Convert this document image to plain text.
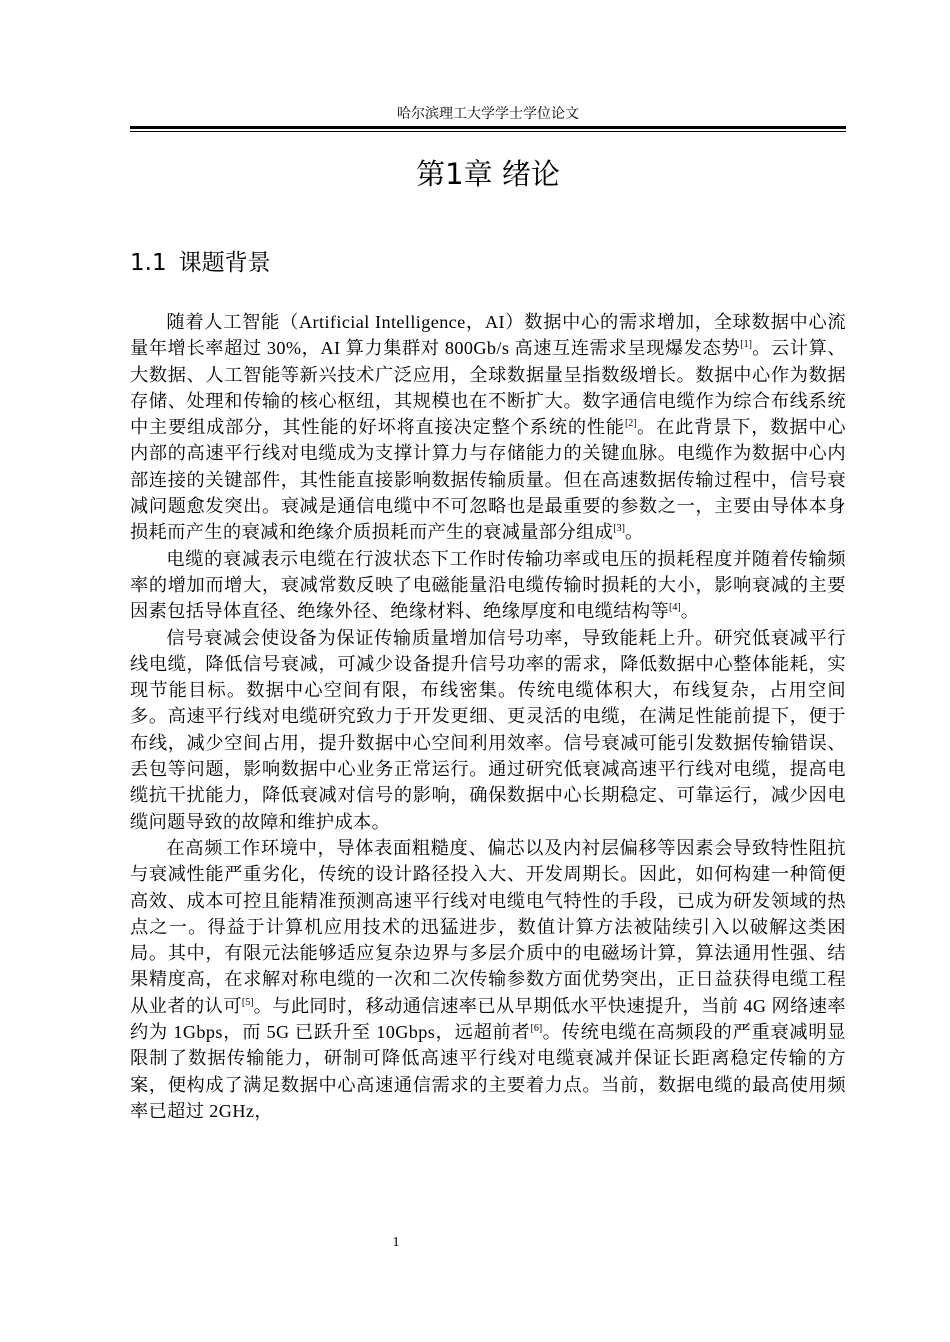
哈尔滨理工大学学士学位论文
第1章 绪论
1.1 课题背景

随着人工智能（Artificial Intelligence，AI）数据中心的需求增加，全球数据中心流量年增长率超过 30%，AI 算力集群对 800Gb/s 高速互连需求呈现爆发态势[1]。云计算、大数据、人工智能等新兴技术广泛应用，全球数据量呈指数级增长。数据中心作为数据存储、处理和传输的核心枢纽，其规模也在不断扩大。数字通信电缆作为综合布线系统中主要组成部分，其性能的好坏将直接决定整个系统的性能[2]。在此背景下，数据中心内部的高速平行线对电缆成为支撑计算力与存储能力的关键血脉。电缆作为数据中心内部连接的关键部件，其性能直接影响数据传输质量。但在高速数据传输过程中，信号衰减问题愈发突出。衰减是通信电缆中不可忽略也是最重要的参数之一，主要由导体本身损耗而产生的衰减和绝缘介质损耗而产生的衰减量部分组成[3]。

电缆的衰减表示电缆在行波状态下工作时传输功率或电压的损耗程度并随着传输频率的增加而增大，衰减常数反映了电磁能量沿电缆传输时损耗的大小，影响衰减的主要因素包括导体直径、绝缘外径、绝缘材料、绝缘厚度和电缆结构等[4]。

信号衰减会使设备为保证传输质量增加信号功率，导致能耗上升。研究低衰减平行线电缆，降低信号衰减，可减少设备提升信号功率的需求，降低数据中心整体能耗，实现节能目标。数据中心空间有限，布线密集。传统电缆体积大，布线复杂，占用空间多。高速平行线对电缆研究致力于开发更细、更灵活的电缆，在满足性能前提下，便于布线，减少空间占用，提升数据中心空间利用效率。信号衰减可能引发数据传输错误、丢包等问题，影响数据中心业务正常运行。通过研究低衰减高速平行线对电缆，提高电缆抗干扰能力，降低衰减对信号的影响，确保数据中心长期稳定、可靠运行，减少因电缆问题导致的故障和维护成本。

在高频工作环境中，导体表面粗糙度、偏芯以及内衬层偏移等因素会导致特性阻抗与衰减性能严重劣化，传统的设计路径投入大、开发周期长。因此，如何构建一种简便高效、成本可控且能精准预测高速平行线对电缆电气特性的手段，已成为研发领域的热点之一。得益于计算机应用技术的迅猛进步，数值计算方法被陆续引入以破解这类困局。其中，有限元法能够适应复杂边界与多层介质中的电磁场计算，算法通用性强、结果精度高，在求解对称电缆的一次和二次传输参数方面优势突出，正日益获得电缆工程从业者的认可[5]。与此同时，移动通信速率已从早期低水平快速提升，当前 4G 网络速率约为 1Gbps，而 5G 已跃升至 10Gbps，远超前者[6]。传统电缆在高频段的严重衰减明显限制了数据传输能力，研制可降低高速平行线对电缆衰减并保证长距离稳定传输的方案，便构成了满足数据中心高速通信需求的主要着力点。当前，数据电缆的最高使用频率已超过 2GHz，

1
